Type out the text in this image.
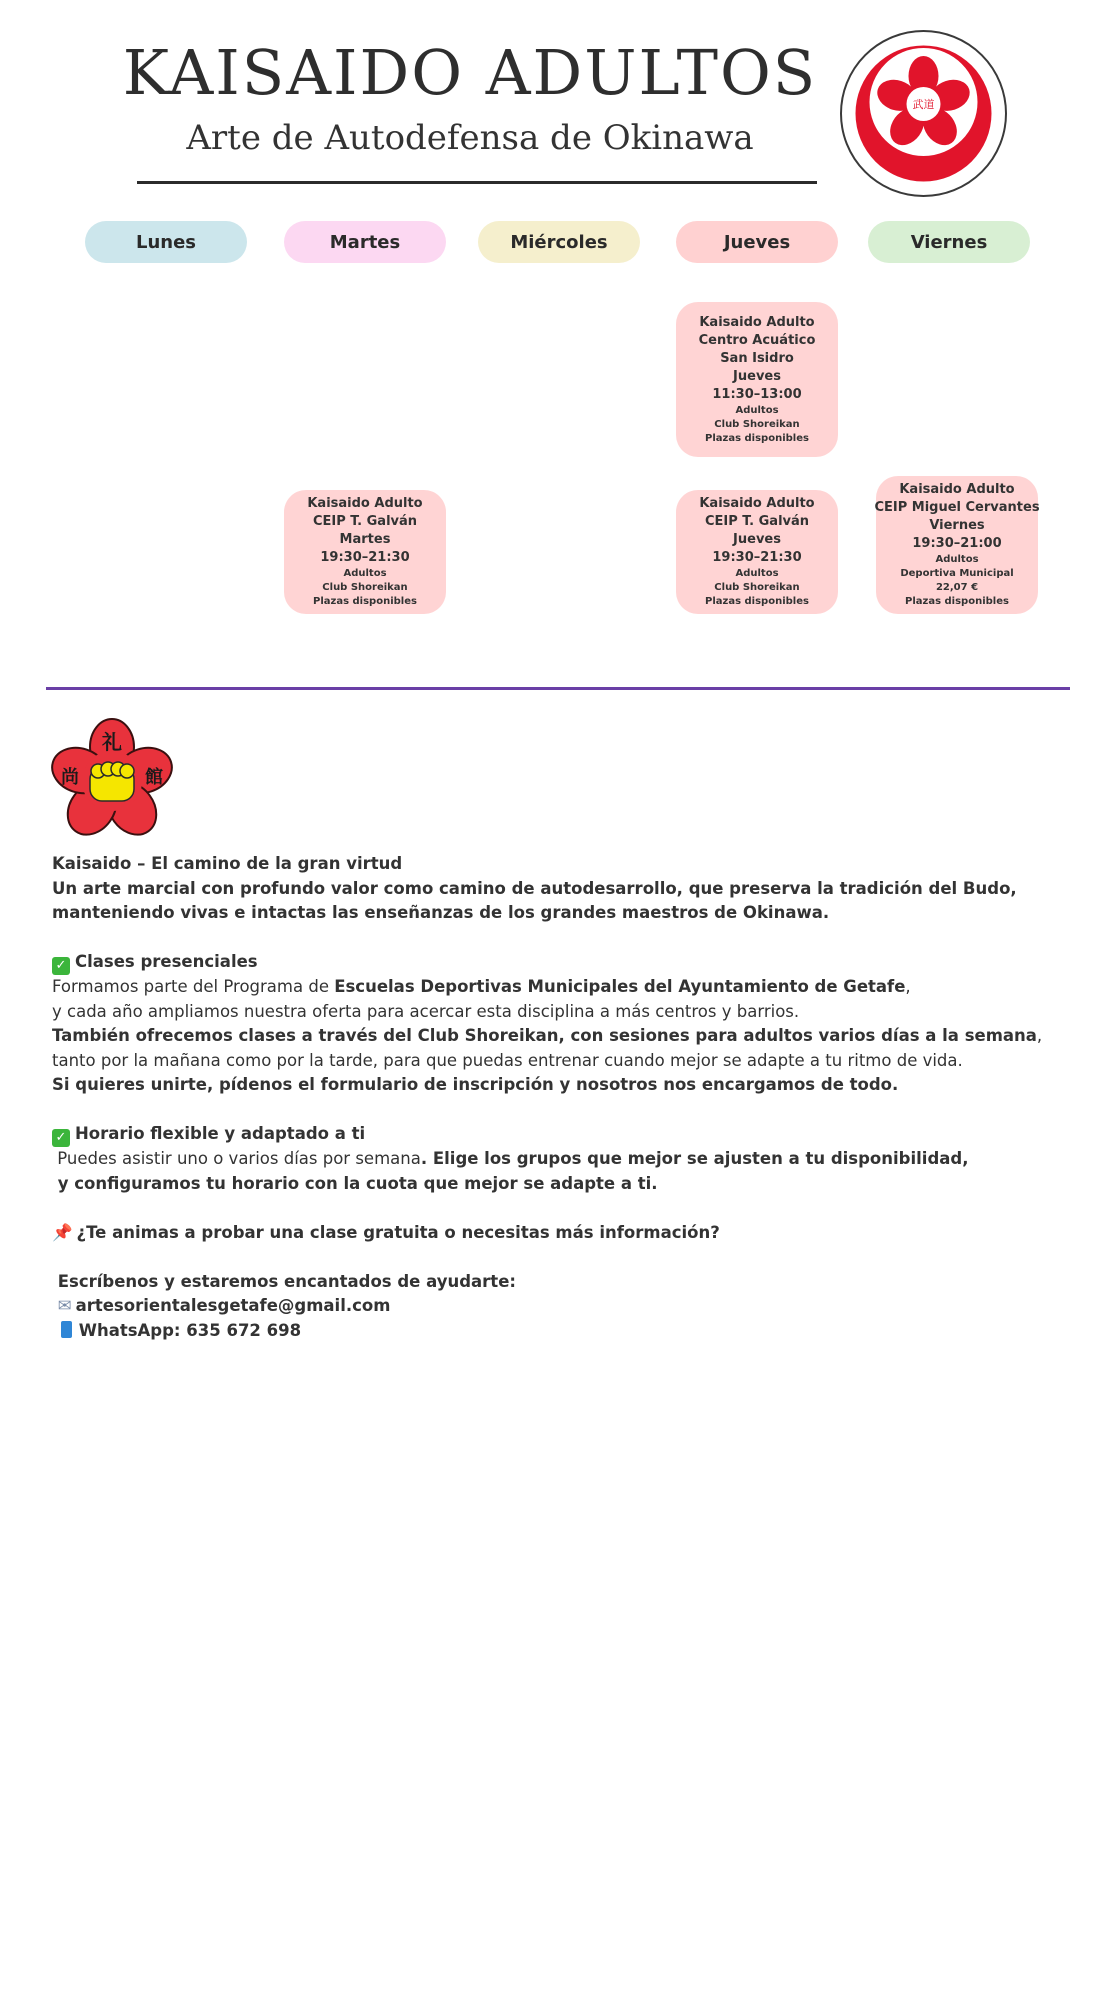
KAISAIDO ADULTOS
Arte de Autodefensa de Okinawa
武道
Lunes	Martes	Miércoles	Jueves	Viernes
Kaisaido Adulto
Centro Acuático
San Isidro
Jueves
11:30–13:00
Adultos
Club Shoreikan
Plazas disponibles
Kaisaido Adulto
CEIP T. Galván
Martes
19:30–21:30
Adultos
Club Shoreikan
Plazas disponibles
Kaisaido Adulto
CEIP T. Galván
Jueves
19:30–21:30
Adultos
Club Shoreikan
Plazas disponibles
Kaisaido Adulto
CEIP Miguel Cervantes
Viernes
19:30–21:00
Adultos
Deportiva Municipal
22,07 €
Plazas disponibles
礼
尚	館

Kaisaido – El camino de la gran virtud

Un arte marcial con profundo valor como camino de autodesarrollo, que preserva la tradición del Budo,

manteniendo vivas e intactas las enseñanzas de los grandes maestros de Okinawa.

✓ Clases presenciales

Formamos parte del Programa de Escuelas Deportivas Municipales del Ayuntamiento de Getafe,

y cada año ampliamos nuestra oferta para acercar esta disciplina a más centros y barrios.

También ofrecemos clases a través del Club Shoreikan, con sesiones para adultos varios días a la semana,

tanto por la mañana como por la tarde, para que puedas entrenar cuando mejor se adapte a tu ritmo de vida.

Si quieres unirte, pídenos el formulario de inscripción y nosotros nos encargamos de todo.

✓ Horario flexible y adaptado a ti

Puedes asistir uno o varios días por semana. Elige los grupos que mejor se ajusten a tu disponibilidad,

y configuramos tu horario con la cuota que mejor se adapte a ti.

📌 ¿Te animas a probar una clase gratuita o necesitas más información?

Escríbenos y estaremos encantados de ayudarte:

✉ artesorientalesgetafe@gmail.com

WhatsApp: 635 672 698
